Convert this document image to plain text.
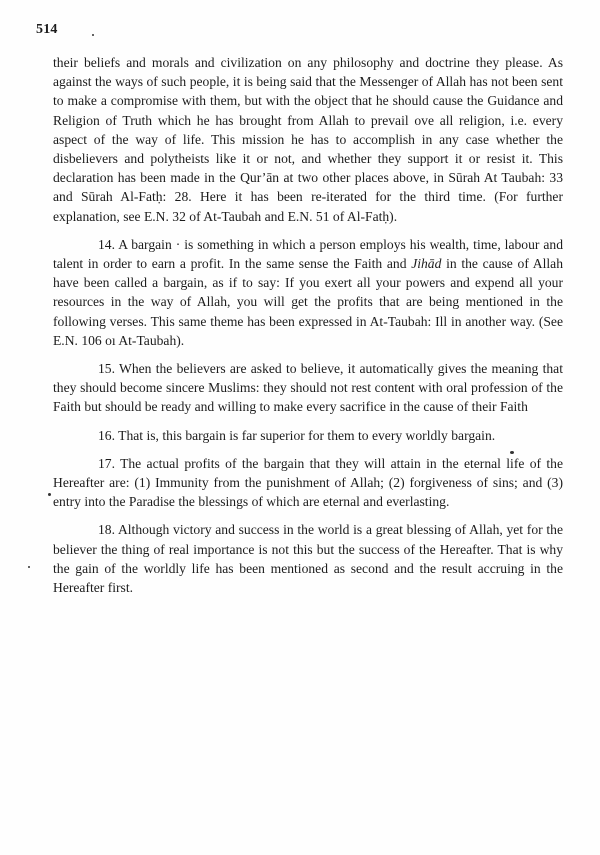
514

their beliefs and morals and civilization on any philosophy and doctrine they please. As against the ways of such people, it is being said that the Messenger of Allah has not been sent to make a compromise with them, but with the object that he should cause the Guidance and Religion of Truth which he has brought from Allah to prevail ove all religion, i.e. every aspect of the way of life. This mission he has to accomplish in any case whether the disbelievers and polytheists like it or not, and whether they support it or resist it. This declaration has been made in the Qur’ān at two other places above, in Sūrah At Taubah: 33 and Sūrah Al-Fatḥ: 28. Here it has been re-iterated for the third time. (For further explanation, see E.N. 32 of At-Taubah and E.N. 51 of Al-Fatḥ).

14. A bargain · is something in which a person employs his wealth, time, labour and talent in order to earn a profit. In the same sense the Faith and Jihād in the cause of Allah have been called a bargain, as if to say: If you exert all your powers and expend all your resources in the way of Allah, you will get the profits that are being mentioned in the following verses. This same theme has been expressed in At-Taubah: Ill in another way. (See E.N. 106 oı At-Taubah).

15. When the believers are asked to believe, it automatically gives the meaning that they should become sincere Muslims: they should not rest content with oral profession of the Faith but should be ready and willing to make every sacrifice in the cause of their Faith

16. That is, this bargain is far superior for them to every worldly bargain.

17. The actual profits of the bargain that they will attain in the eternal life of the Hereafter are: (1) Immunity from the punishment of Allah; (2) forgiveness of sins; and (3) entry into the Paradise the blessings of which are eternal and everlasting.

18. Although victory and success in the world is a great blessing of Allah, yet for the believer the thing of real importance is not this but the success of the Hereafter. That is why the gain of the worldly life has been mentioned as second and the result accruing in the Hereafter first.
